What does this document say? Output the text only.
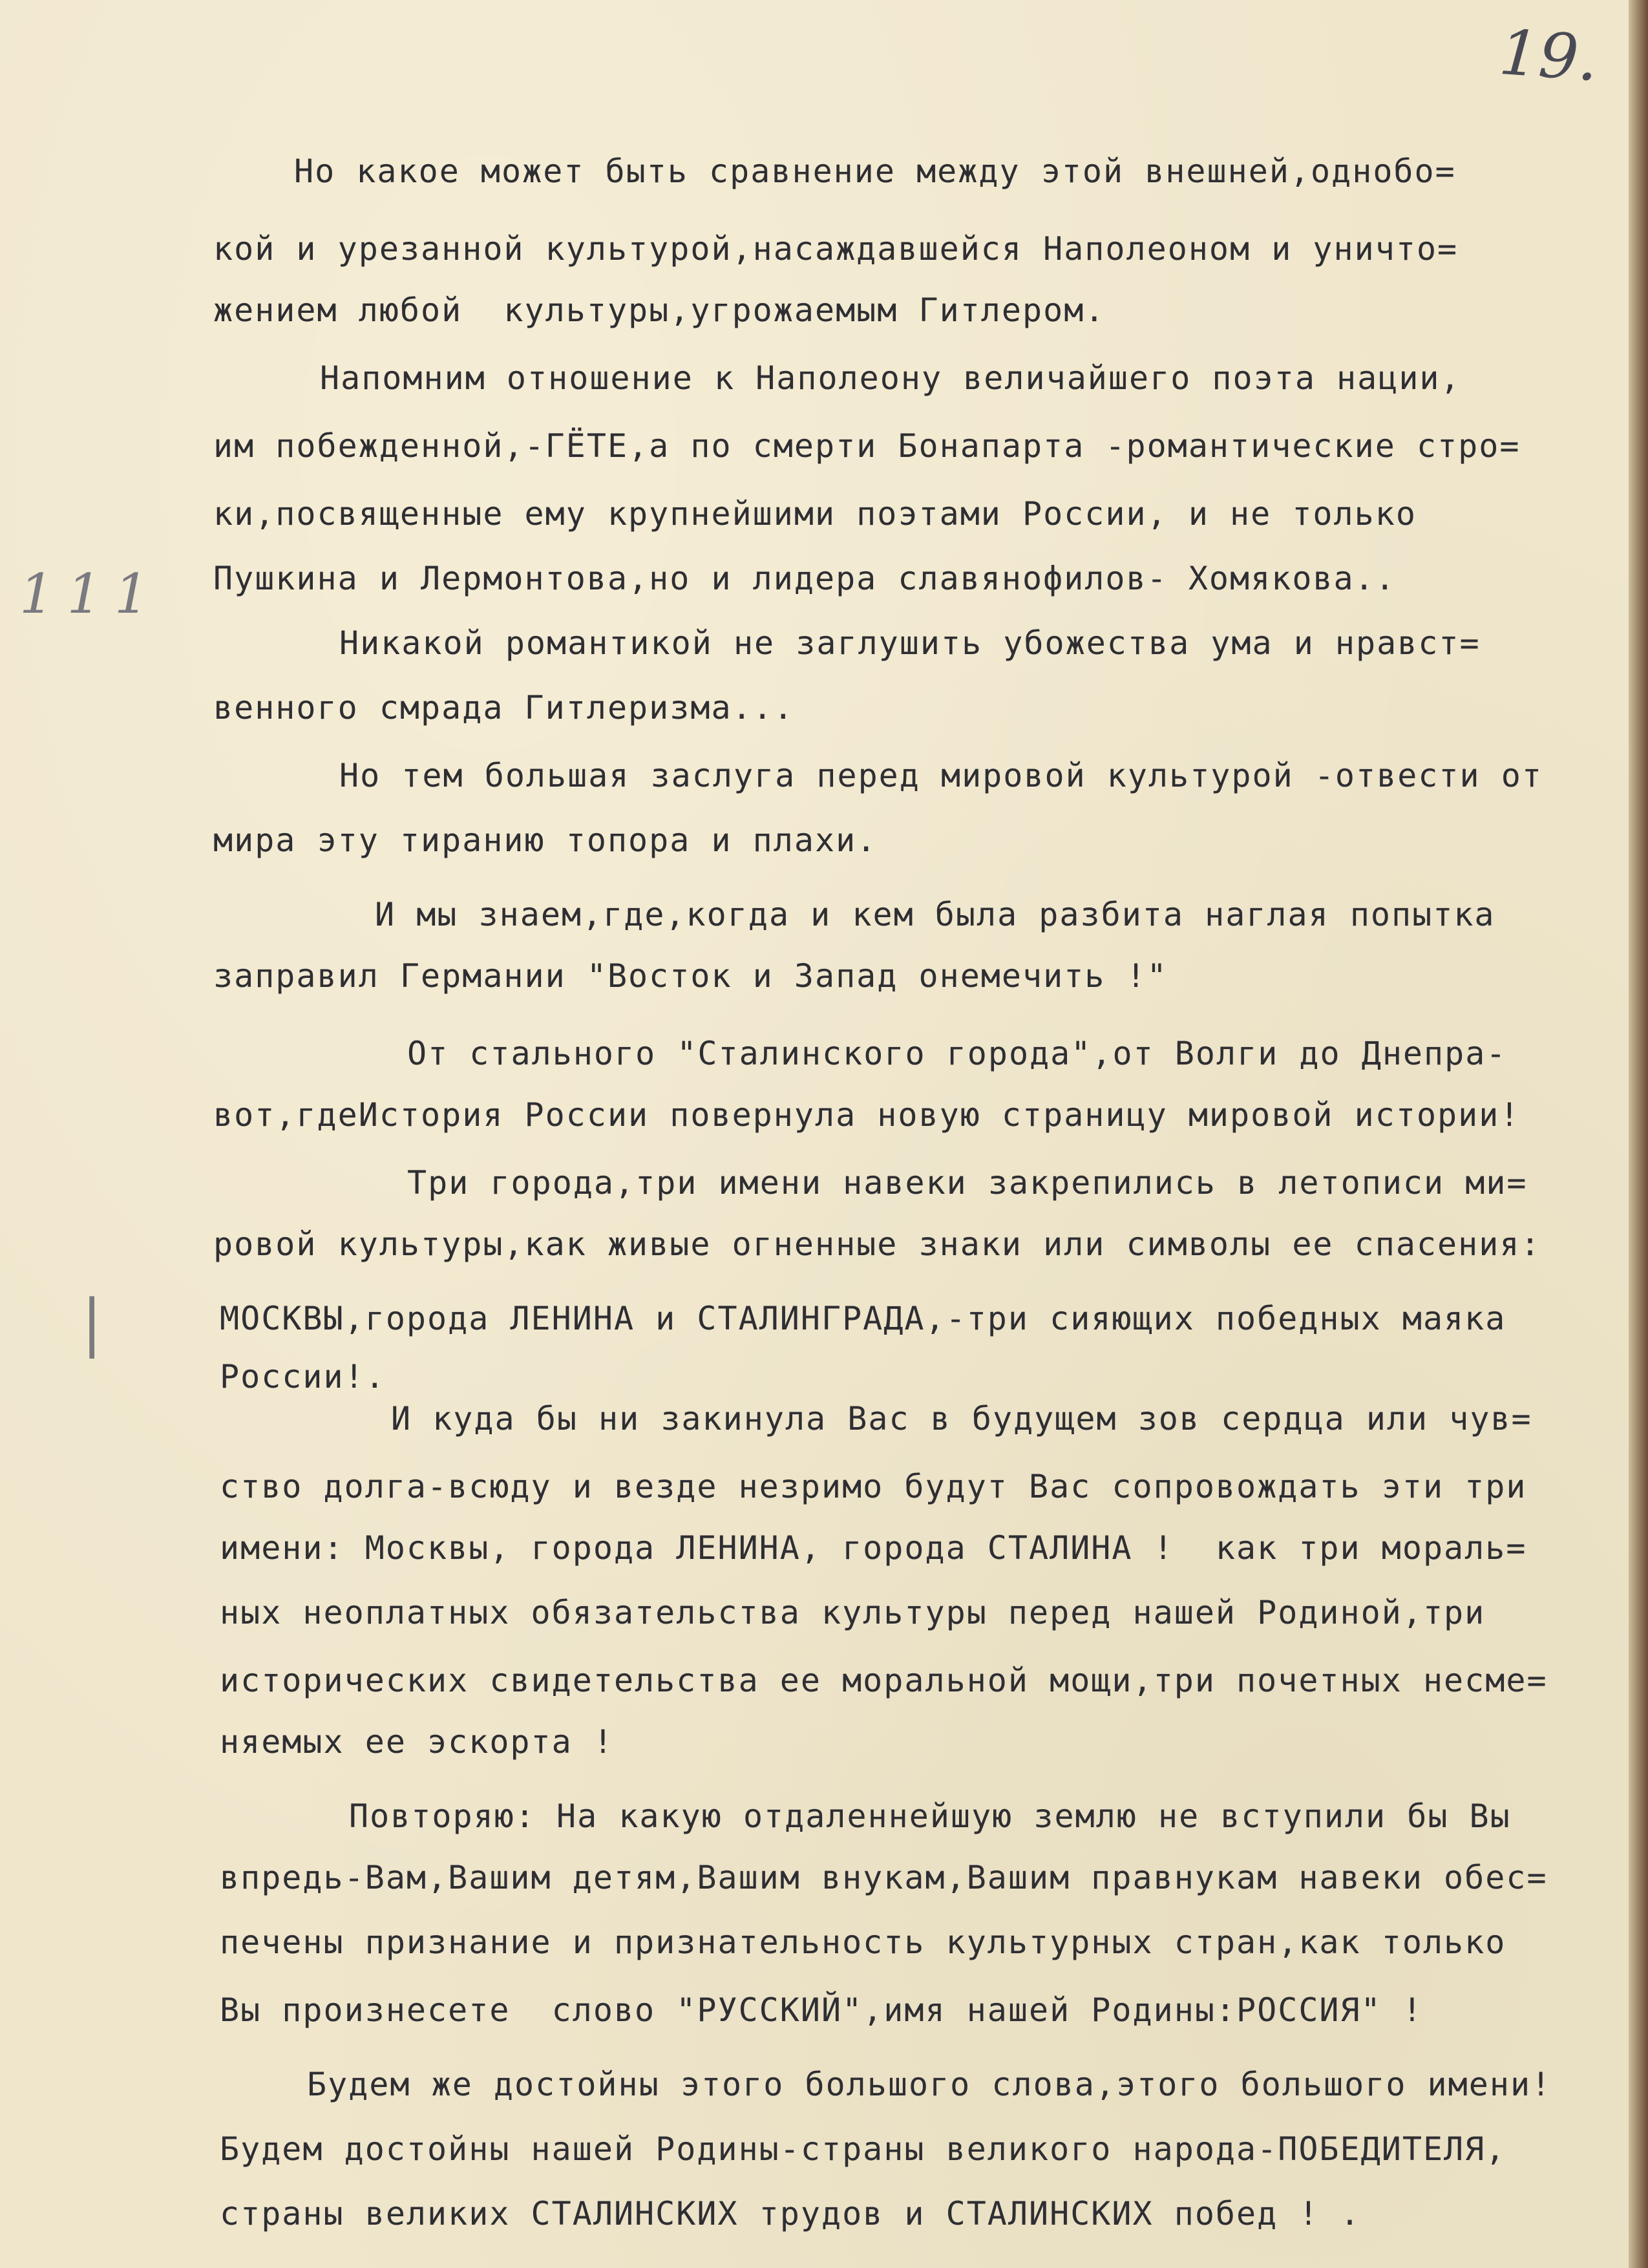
19.
111
|
Но какое может быть сравнение между этой внешней,однобо=
кой и урезанной культурой,насаждавшейся Наполеоном и уничто=
жением любой  культуры,угрожаемым Гитлером.
Напомним отношение к Наполеону величайшего поэта нации,
им побежденной,-ГЁТЕ,а по смерти Бонапарта -романтические стро=
ки,посвященные ему крупнейшими поэтами России, и не только
Пушкина и Лермонтова,но и лидера славянофилов- Хомякова..
Никакой романтикой не заглушить убожества ума и нравст=
венного смрада Гитлеризма...
Но тем большая заслуга перед мировой культурой -отвести от
мира эту тиранию топора и плахи.
И мы знаем,где,когда и кем была разбита наглая попытка
заправил Германии "Восток и Запад онемечить !"
От стального "Сталинского города",от Волги до Днепра-
вот,гдеИстория России повернула новую страницу мировой истории!
Три города,три имени навеки закрепились в летописи ми=
ровой культуры,как живые огненные знаки или символы ее спасения:
МОСКВЫ,города ЛЕНИНА и СТАЛИНГРАДА,-три сияющих победных маяка
России!.
И куда бы ни закинула Вас в будущем зов сердца или чув=
ство долга-всюду и везде незримо будут Вас сопровождать эти три
имени: Москвы, города ЛЕНИНА, города СТАЛИНА !  как три мораль=
ных неоплатных обязательства культуры перед нашей Родиной,три
исторических свидетельства ее моральной мощи,три почетных несме=
няемых ее эскорта !
Повторяю: На какую отдаленнейшую землю не вступили бы Вы
впредь-Вам,Вашим детям,Вашим внукам,Вашим правнукам навеки обес=
печены признание и признательность культурных стран,как только
Вы произнесете  слово "РУССКИЙ",имя нашей Родины:РОССИЯ" !
Будем же достойны этого большого слова,этого большого имени!
Будем достойны нашей Родины-страны великого народа-ПОБЕДИТЕЛЯ,
страны великих СТАЛИНСКИХ трудов и СТАЛИНСКИХ побед ! .
